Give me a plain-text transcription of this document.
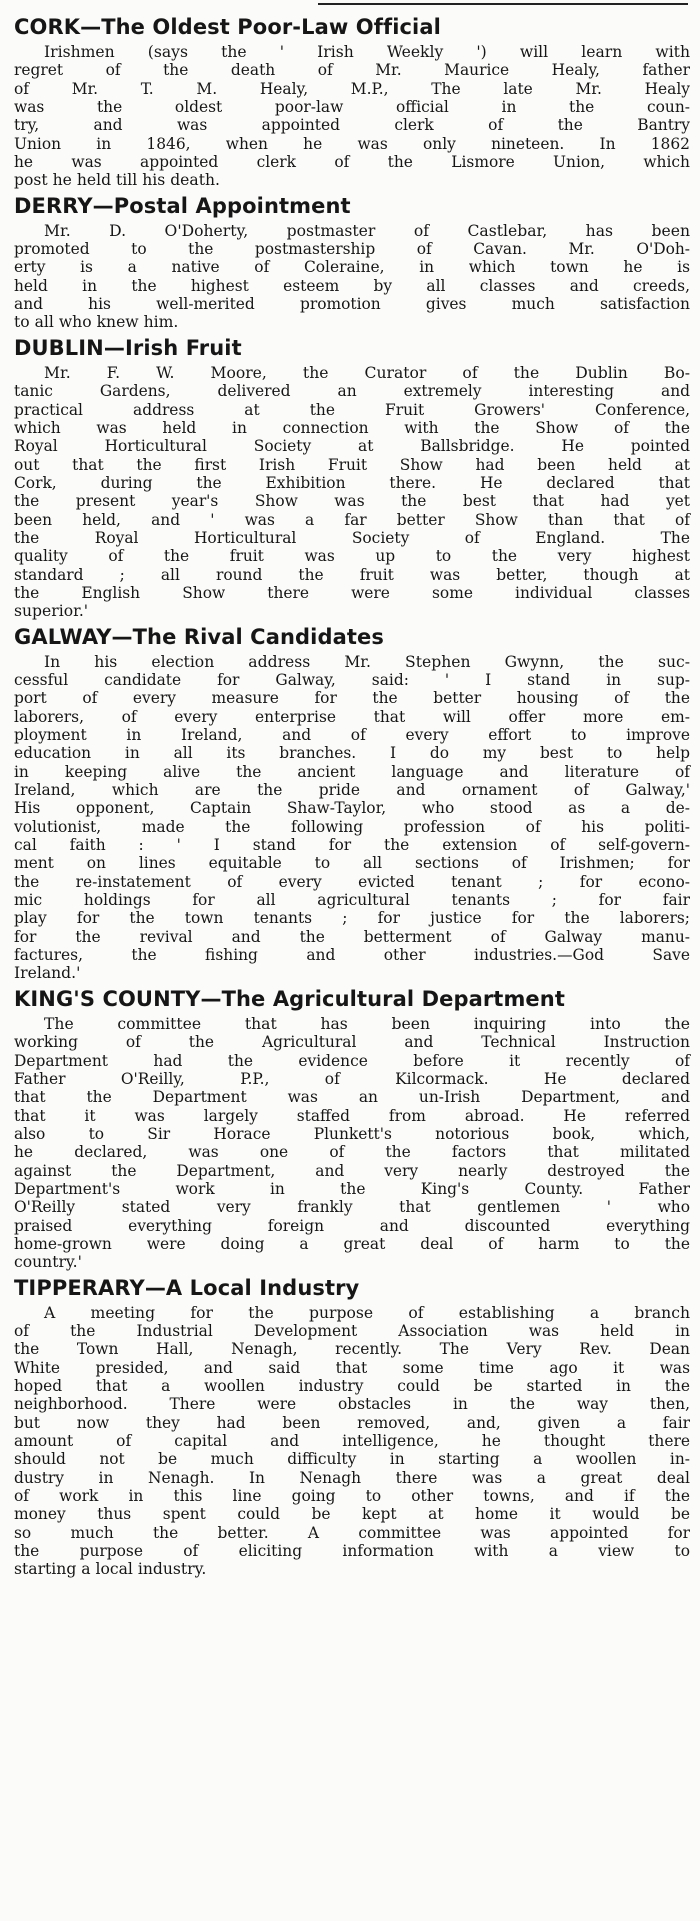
CORK—The Oldest Poor-Law Official
Irishmen (says the ' Irish Weekly ') will learn with
regret of the death of Mr. Maurice Healy, father
of Mr. T. M. Healy, M.P., The late Mr. Healy
was the oldest poor-law official in the coun-
try, and was appointed clerk of the Bantry
Union in 1846, when he was only nineteen. In 1862
he was appointed clerk of the Lismore Union, which
post he held till his death.
DERRY—Postal Appointment
Mr. D. O'Doherty, postmaster of Castlebar, has been
promoted to the postmastership of Cavan. Mr. O'Doh-
erty is a native of Coleraine, in which town he is
held in the highest esteem by all classes and creeds,
and his well-merited promotion gives much satisfaction
to all who knew him.
DUBLIN—Irish Fruit
Mr. F. W. Moore, the Curator of the Dublin Bo-
tanic Gardens, delivered an extremely interesting and
practical address at the Fruit Growers' Conference,
which was held in connection with the Show of the
Royal Horticultural Society at Ballsbridge. He pointed
out that the first Irish Fruit Show had been held at
Cork, during the Exhibition there. He declared that
the present year's Show was the best that had yet
been held, and ' was a far better Show than that of
the Royal Horticultural Society of England. The
quality of the fruit was up to the very highest
standard ; all round the fruit was better, though at
the English Show there were some individual classes
superior.'
GALWAY—The Rival Candidates
In his election address Mr. Stephen Gwynn, the suc-
cessful candidate for Galway, said: ' I stand in sup-
port of every measure for the better housing of the
laborers, of every enterprise that will offer more em-
ployment in Ireland, and of every effort to improve
education in all its branches. I do my best to help
in keeping alive the ancient language and literature of
Ireland, which are the pride and ornament of Galway,'
His opponent, Captain Shaw-Taylor, who stood as a de-
volutionist, made the following profession of his politi-
cal faith : ' I stand for the extension of self-govern-
ment on lines equitable to all sections of Irishmen; for
the re-instatement of every evicted tenant ; for econo-
mic holdings for all agricultural tenants ; for fair
play for the town tenants ; for justice for the laborers;
for the revival and the betterment of Galway manu-
factures, the fishing and other industries.—God Save
Ireland.'
KING'S COUNTY—The Agricultural Department
The committee that has been inquiring into the
working of the Agricultural and Technical Instruction
Department had the evidence before it recently of
Father O'Reilly, P.P., of Kilcormack. He declared
that the Department was an un-Irish Department, and
that it was largely staffed from abroad. He referred
also to Sir Horace Plunkett's notorious book, which,
he declared, was one of the factors that militated
against the Department, and very nearly destroyed the
Department's work in the King's County. Father
O'Reilly stated very frankly that gentlemen ' who
praised everything foreign and discounted everything
home-grown were doing a great deal of harm to the
country.'
TIPPERARY—A Local Industry
A meeting for the purpose of establishing a branch
of the Industrial Development Association was held in
the Town Hall, Nenagh, recently. The Very Rev. Dean
White presided, and said that some time ago it was
hoped that a woollen industry could be started in the
neighborhood. There were obstacles in the way then,
but now they had been removed, and, given a fair
amount of capital and intelligence, he thought there
should not be much difficulty in starting a woollen in-
dustry in Nenagh. In Nenagh there was a great deal
of work in this line going to other towns, and if the
money thus spent could be kept at home it would be
so much the better. A committee was appointed for
the purpose of eliciting information with a view to
starting a local industry.
